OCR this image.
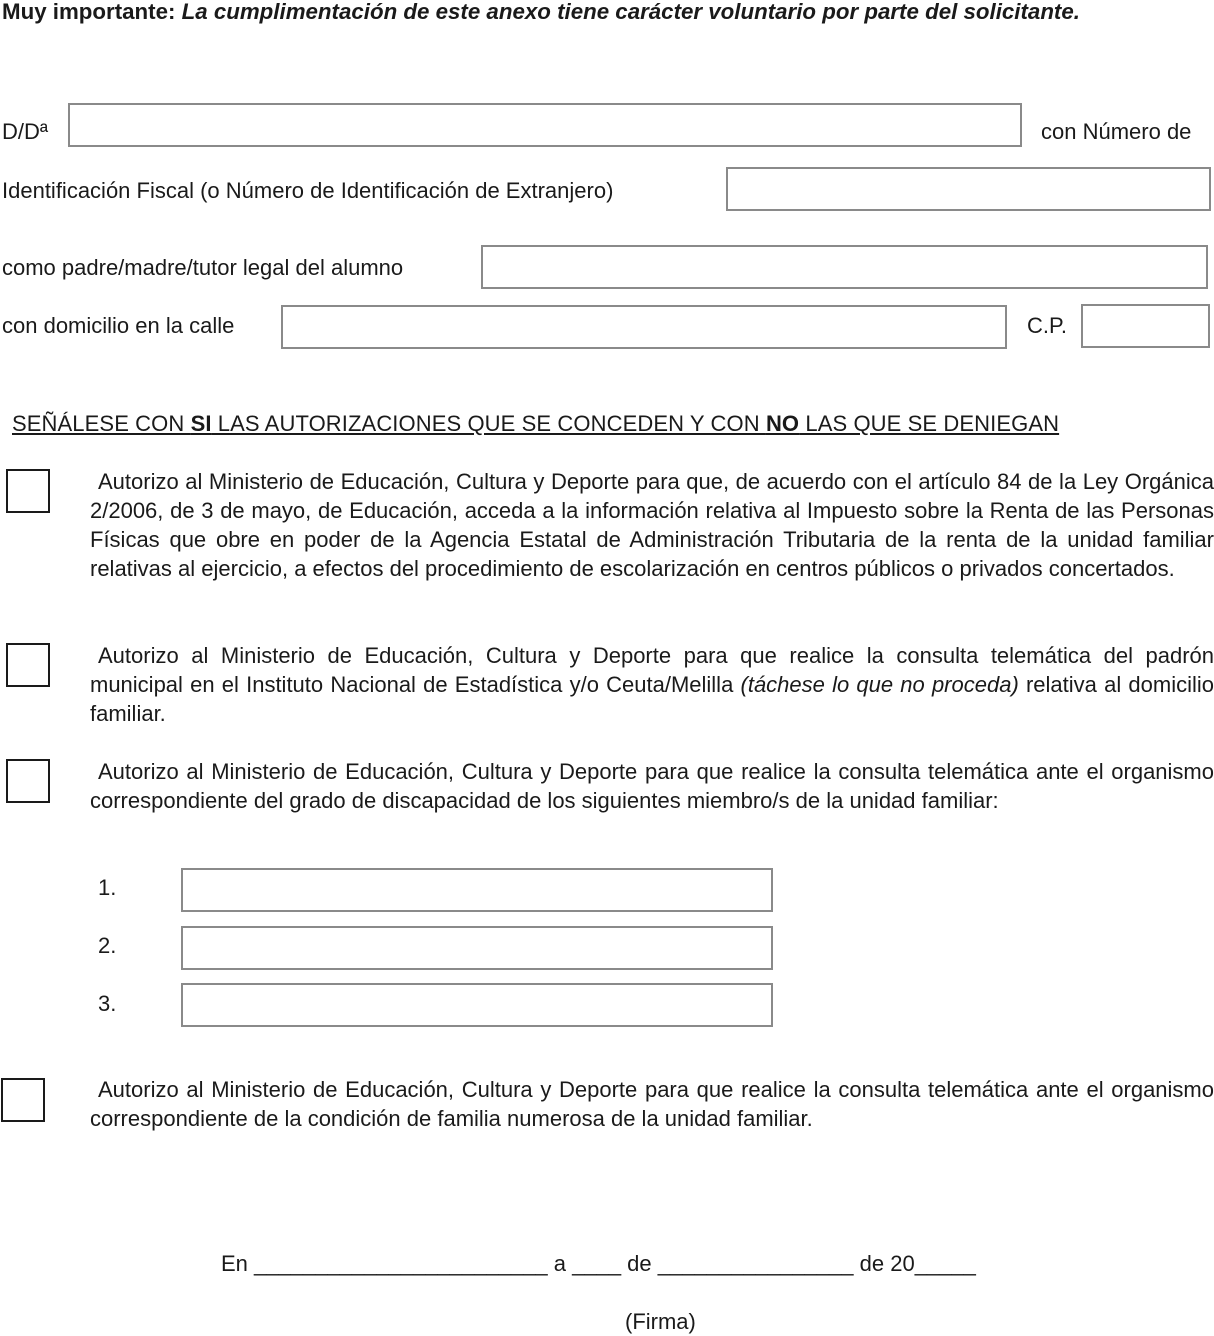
Muy importante: La cumplimentación de este anexo tiene carácter voluntario por parte del solicitante.
D/Dª	con Número de
Identificación Fiscal (o Número de Identificación de Extranjero)
como padre/madre/tutor legal del alumno
con domicilio en la calle	C.P.
SEÑÁLESE CON SI LAS AUTORIZACIONES QUE SE CONCEDEN Y CON NO LAS QUE SE DENIEGAN
Autorizo al Ministerio de Educación, Cultura y Deporte para que, de acuerdo con el artículo 84 de la Ley Orgánica 2/2006, de 3 de mayo, de Educación, acceda a la información relativa al Impuesto sobre la Renta de las Personas Físicas que obre en poder de la Agencia Estatal de Administración Tributaria de la renta de la unidad familiar relativas al ejercicio, a efectos del procedimiento de escolarización en centros públicos o privados concertados.
Autorizo al Ministerio de Educación, Cultura y Deporte para que realice la consulta telemática del padrón municipal en el Instituto Nacional de Estadística y/o Ceuta/Melilla (táchese lo que no proceda) relativa al domicilio familiar.
Autorizo al Ministerio de Educación, Cultura y Deporte para que realice la consulta telemática ante el organismo correspondiente del grado de discapacidad de los siguientes miembro/s de la unidad familiar:
1.
2.
3.
Autorizo al Ministerio de Educación, Cultura y Deporte para que realice la consulta telemática ante el organismo correspondiente de la condición de familia numerosa de la unidad familiar.
En ________________________ a ____ de ________________ de 20_____
(Firma)
